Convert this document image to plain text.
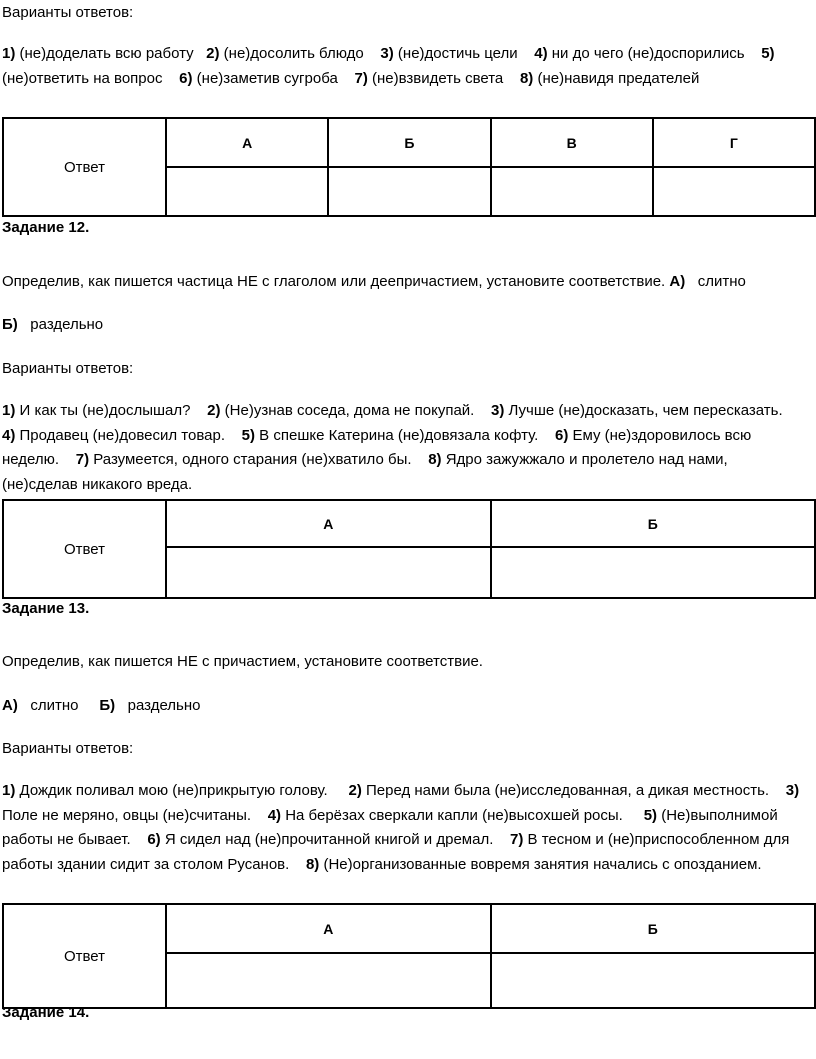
Варианты ответов:
1) (не)доделать всю работу 2) (не)досолить блюдо 3) (не)достичь цели 4) ни до чего (не)доспорились 5) (не)ответить на вопрос 6) (не)заметив сугроба 7) (не)взвидеть света 8) (не)навидя предателей
Ответ	А	Б	В	Г

Задание 12.
Определив, как пишется частица НЕ с глаголом или деепричастием, установите соответствие. А) слитно
Б) раздельно
Варианты ответов:
1) И как ты (не)дослышал? 2) (Не)узнав соседа, дома не покупай. 3) Лучше (не)досказать, чем пересказать.    4) Продавец (не)довесил товар. 5) В спешке Катерина (не)довязала кофту. 6) Ему (не)здоровилось всю неделю. 7) Разумеется, одного старания (не)хватило бы. 8) Ядро зажужжало и пролетело над нами, (не)сделав никакого вреда.
Ответ	А	Б

Задание 13.
Определив, как пишется НЕ с причастием, установите соответствие.
А) слитно Б) раздельно
Варианты ответов:
1) Дождик поливал мою (не)прикрытую голову. 2) Перед нами была (не)исследованная, а дикая местность. 3) Поле не меряно, овцы (не)считаны. 4) На берёзах сверкали капли (не)высохшей росы. 5) (Не)выполнимой работы не бывает. 6) Я сидел над (не)прочитанной книгой и дремал. 7) В тесном и (не)приспособленном для работы здании сидит за столом Русанов. 8) (Не)организованные вовремя занятия начались с опозданием.
Ответ	А	Б

Задание 14.
